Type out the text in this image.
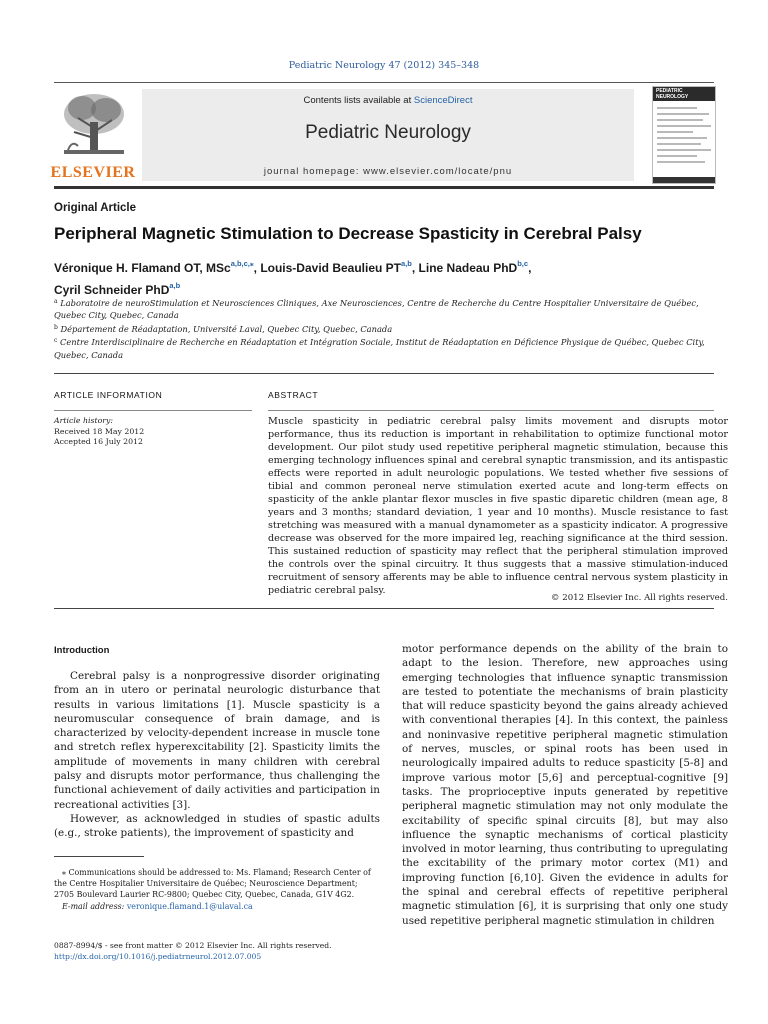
Pediatric Neurology 47 (2012) 345–348
ELSEVIER
Contents lists available at ScienceDirect
Pediatric Neurology
journal homepage: www.elsevier.com/locate/pnu
PEDIATRIC
NEUROLOGY
Original Article
Peripheral Magnetic Stimulation to Decrease Spasticity in Cerebral Palsy
Véronique H. Flamand OT, MSc$^{a,b,c,⁎}$, Louis-David Beaulieu PT$^{a,b}$, Line Nadeau PhD$^{b,c}$,
Cyril Schneider PhD$^{a,b}$
$^a$ Laboratoire de neuroStimulation et Neurosciences Cliniques, Axe Neurosciences, Centre de Recherche du Centre Hospitalier Universitaire de Québec, Quebec City, Quebec, Canada
$^b$ Département de Réadaptation, Université Laval, Quebec City, Quebec, Canada
$^c$ Centre Interdisciplinaire de Recherche en Réadaptation et Intégration Sociale, Institut de Réadaptation en Déficience Physique de Québec, Quebec City, Quebec, Canada
ARTICLE INFORMATION	ABSTRACT
Article history:
Received 18 May 2012
Accepted 16 July 2012
Muscle spasticity in pediatric cerebral palsy limits movement and disrupts motor performance, thus its reduction is important in rehabilitation to optimize functional motor development. Our pilot study used repetitive peripheral magnetic stimulation, because this emerging technology influences spinal and cerebral synaptic transmission, and its antispastic effects were reported in adult neurologic populations. We tested whether five sessions of tibial and common peroneal nerve stimulation exerted acute and long-term effects on spasticity of the ankle plantar flexor muscles in five spastic diparetic children (mean age, 8 years and 3 months; standard deviation, 1 year and 10 months). Muscle resistance to fast stretching was measured with a manual dynamometer as a spasticity indicator. A progressive decrease was observed for the more impaired leg, reaching significance at the third session. This sustained reduction of spasticity may reflect that the peripheral stimulation improved the controls over the spinal circuitry. It thus suggests that a massive stimulation-induced recruitment of sensory afferents may be able to influence central nervous system plasticity in pediatric cerebral palsy.
© 2012 Elsevier Inc. All rights reserved.
Introduction

Cerebral palsy is a nonprogressive disorder originating from an in utero or perinatal neurologic disturbance that results in various limitations [1]. Muscle spasticity is a neuromuscular consequence of brain damage, and is characterized by velocity-dependent increase in muscle tone and stretch reflex hyperexcitability [2]. Spasticity limits the amplitude of movements in many children with cerebral palsy and disrupts motor performance, thus challenging the functional achievement of daily activities and participation in recreational activities [3].

However, as acknowledged in studies of spastic adults (e.g., stroke patients), the improvement of spasticity and

motor performance depends on the ability of the brain to adapt to the lesion. Therefore, new approaches using emerging technologies that influence synaptic transmission are tested to potentiate the mechanisms of brain plasticity that will reduce spasticity beyond the gains already achieved with conventional therapies [4]. In this context, the painless and noninvasive repetitive peripheral magnetic stimulation of nerves, muscles, or spinal roots has been used in neurologically impaired adults to reduce spasticity [5-8] and improve various motor [5,6] and perceptual-cognitive [9] tasks. The proprioceptive inputs generated by repetitive peripheral magnetic stimulation may not only modulate the excitability of specific spinal circuits [8], but may also influence the synaptic mechanisms of cortical plasticity involved in motor learning, thus contributing to upregulating the excitability of the primary motor cortex (M1) and improving function [6,10]. Given the evidence in adults for the spinal and cerebral effects of repetitive peripheral magnetic stimulation [6], it is surprising that only one study used repetitive peripheral magnetic stimulation in children

⁎ Communications should be addressed to: Ms. Flamand; Research Center of the Centre Hospitalier Universitaire de Québec; Neuroscience Department; 2705 Boulevard Laurier RC-9800; Quebec City, Quebec, Canada, G1V 4G2.

E-mail address: veronique.flamand.1@ulaval.ca

0887-8994/$ - see front matter © 2012 Elsevier Inc. All rights reserved.
http://dx.doi.org/10.1016/j.pediatrneurol.2012.07.005
